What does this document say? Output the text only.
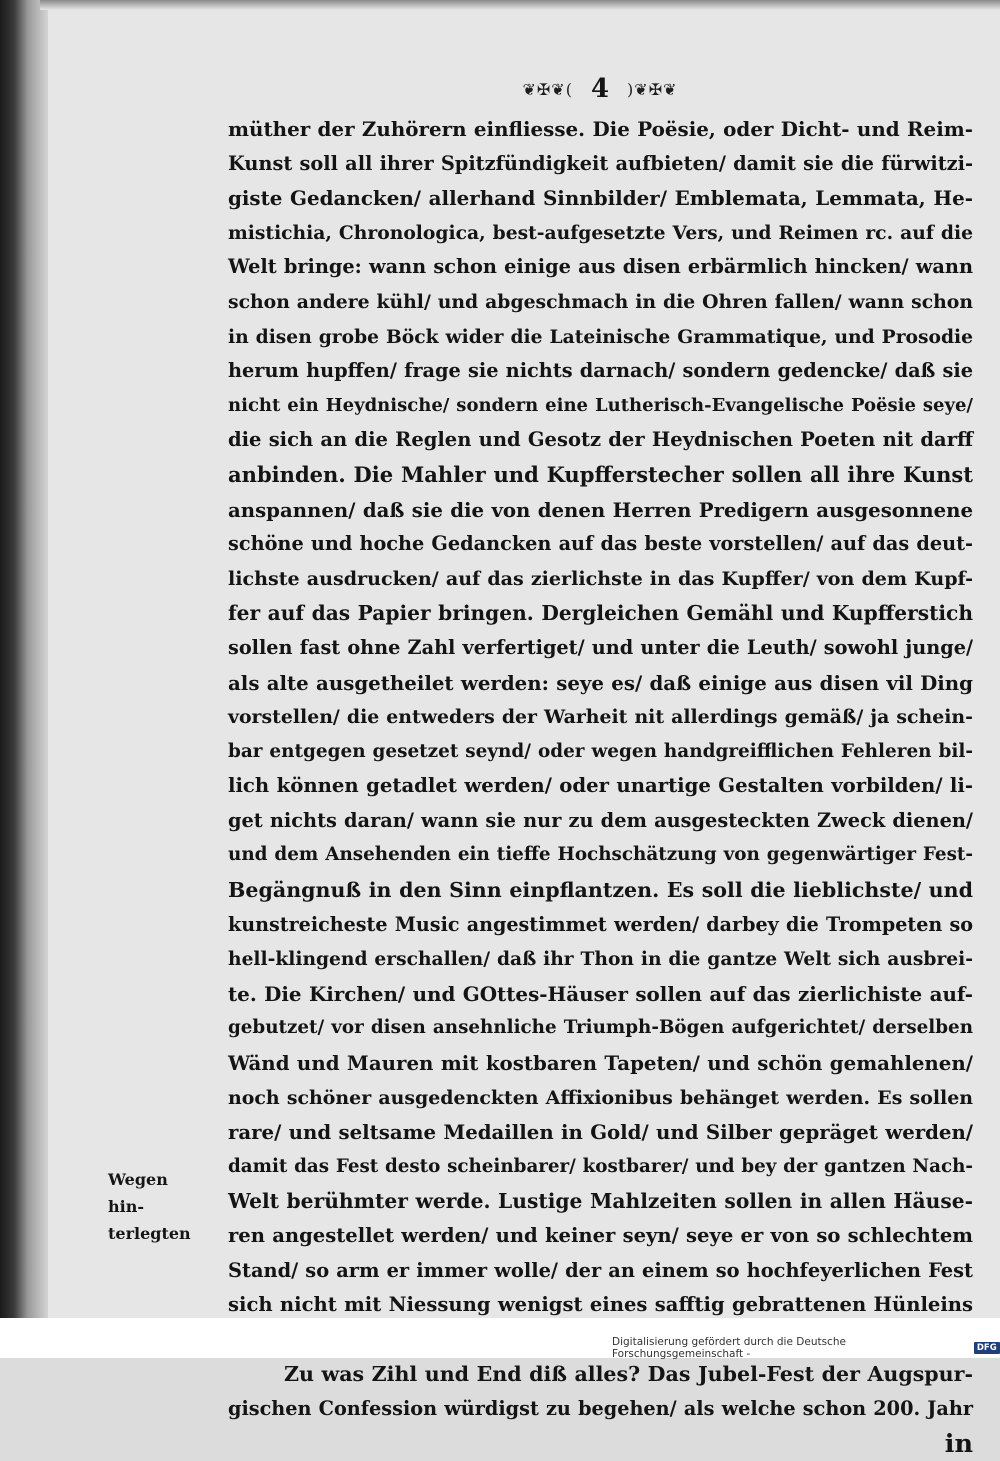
❦✠❦( 4 )❦✠❦
müther der Zuhörern einfliesse. Die Poësie, oder Dicht- und Reim-
Kunst soll all ihrer Spitzfündigkeit aufbieten/ damit sie die fürwitzi-
giste Gedancken/ allerhand Sinnbilder/ Emblemata, Lemmata, He-
mistichia, Chronologica, best-aufgesetzte Vers, und Reimen rc. auf die
Welt bringe: wann schon einige aus disen erbärmlich hincken/ wann
schon andere kühl/ und abgeschmach in die Ohren fallen/ wann schon
in disen grobe Böck wider die Lateinische Grammatique, und Prosodie
herum hupffen/ frage sie nichts darnach/ sondern gedencke/ daß sie
nicht ein Heydnische/ sondern eine Lutherisch-Evangelische Poësie seye/
die sich an die Reglen und Gesotz der Heydnischen Poeten nit darff
anbinden. Die Mahler und Kupfferstecher sollen all ihre Kunst
anspannen/ daß sie die von denen Herren Predigern ausgesonnene
schöne und hoche Gedancken auf das beste vorstellen/ auf das deut-
lichste ausdrucken/ auf das zierlichste in das Kupffer/ von dem Kupf-
fer auf das Papier bringen. Dergleichen Gemähl und Kupfferstich
sollen fast ohne Zahl verfertiget/ und unter die Leuth/ sowohl junge/
als alte ausgetheilet werden: seye es/ daß einige aus disen vil Ding
vorstellen/ die entweders der Warheit nit allerdings gemäß/ ja schein-
bar entgegen gesetzet seynd/ oder wegen handgreifflichen Fehleren bil-
lich können getadlet werden/ oder unartige Gestalten vorbilden/ li-
get nichts daran/ wann sie nur zu dem ausgesteckten Zweck dienen/
und dem Ansehenden ein tieffe Hochschätzung von gegenwärtiger Fest-
Begängnuß in den Sinn einpflantzen. Es soll die lieblichste/ und
kunstreicheste Music angestimmet werden/ darbey die Trompeten so
hell-klingend erschallen/ daß ihr Thon in die gantze Welt sich ausbrei-
te. Die Kirchen/ und GOttes-Häuser sollen auf das zierlichiste auf-
gebutzet/ vor disen ansehnliche Triumph-Bögen aufgerichtet/ derselben
Wänd und Mauren mit kostbaren Tapeten/ und schön gemahlenen/
noch schöner ausgedenckten Affixionibus behänget werden. Es sollen
rare/ und seltsame Medaillen in Gold/ und Silber gepräget werden/
damit das Fest desto scheinbarer/ kostbarer/ und bey der gantzen Nach-
Welt berühmter werde. Lustige Mahlzeiten sollen in allen Häuse-
ren angestellet werden/ und keiner seyn/ seye er von so schlechtem
Stand/ so arm er immer wolle/ der an einem so hochfeyerlichen Fest
sich nicht mit Niessung wenigst eines safftig gebrattenen Hünleins
Zu was Zihl und End diß alles? Das Jubel-Fest der Augspur-
gischen Confession würdigst zu begehen/ als welche schon 200. Jahr
in
Wegen hin-
terlegten
Digitalisierung gefördert durch die Deutsche Forschungsgemeinschaft -	DFG
